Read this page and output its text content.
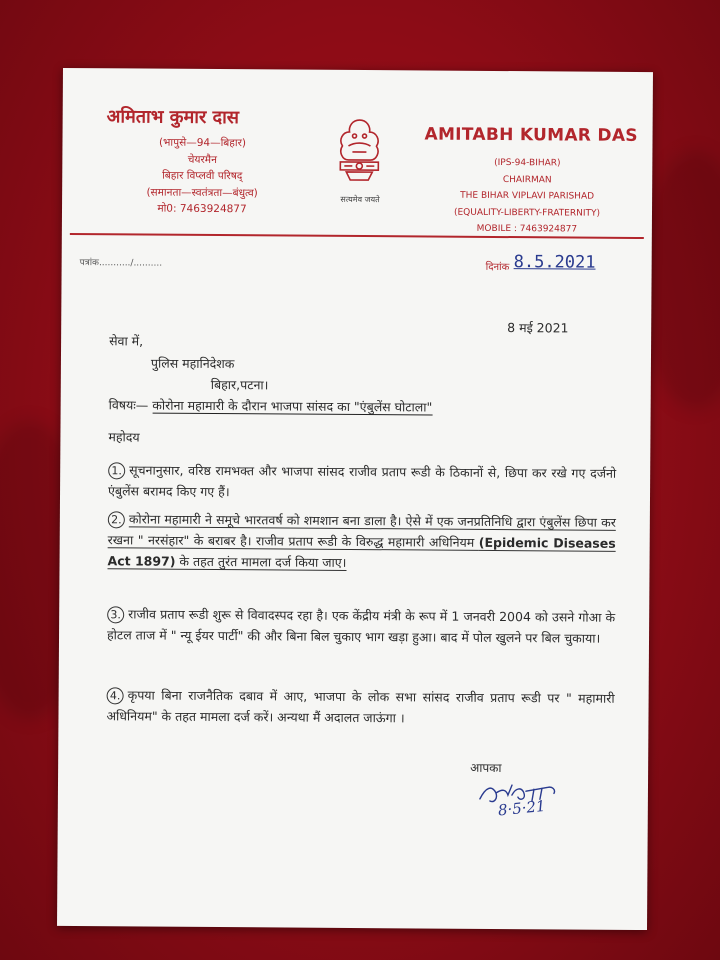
अमिताभ कुमार दास
(भापुसे—94—बिहार)
चेयरमैन
बिहार विप्लवी परिषद्
(समानता—स्वतंत्रता—बंधुत्व)
मो0: 7463924877
सत्यमेव जयते
AMITABH KUMAR DAS
(IPS-94-BIHAR)
CHAIRMAN
THE BIHAR VIPLAVI PARISHAD
(EQUALITY-LIBERTY-FRATERNITY)
MOBILE : 7463924877
पत्रांक.........../..........	दिनांक 8.5.2021
8 मई 2021
सेवा में,
पुलिस महानिदेशक
बिहार,पटना।
विषयः— कोरोना महामारी के दौरान भाजपा सांसद का "एंबुलेंस घोटाला"
महोदय
1. सूचनानुसार, वरिष्ठ रामभक्त और भाजपा सांसद राजीव प्रताप रूडी के ठिकानों से, छिपा कर रखे गए दर्जनो एंबुलेंस बरामद किए गए हैं।
2. कोरोना महामारी ने समूचे भारतवर्ष को शमशान बना डाला है। ऐसे में एक जनप्रतिनिधि द्वारा एंबुलेंस छिपा कर रखना " नरसंहार" के बराबर है। राजीव प्रताप रूडी के विरुद्ध महामारी अधिनियम (Epidemic Diseases Act 1897) के तहत तुरंत मामला दर्ज किया जाए।
3. राजीव प्रताप रूडी शुरू से विवादस्पद रहा है। एक केंद्रीय मंत्री के रूप में 1 जनवरी 2004 को उसने गोआ के होटल ताज में " न्यू ईयर पार्टी" की और बिना बिल चुकाए भाग खड़ा हुआ। बाद में पोल खुलने पर बिल चुकाया।
4. कृपया बिना राजनैतिक दबाव में आए, भाजपा के लोक सभा सांसद राजीव प्रताप रूडी पर " महामारी अधिनियम" के तहत मामला दर्ज करें। अन्यथा मैं अदालत जाऊंगा ।
आपका
8·5·21
